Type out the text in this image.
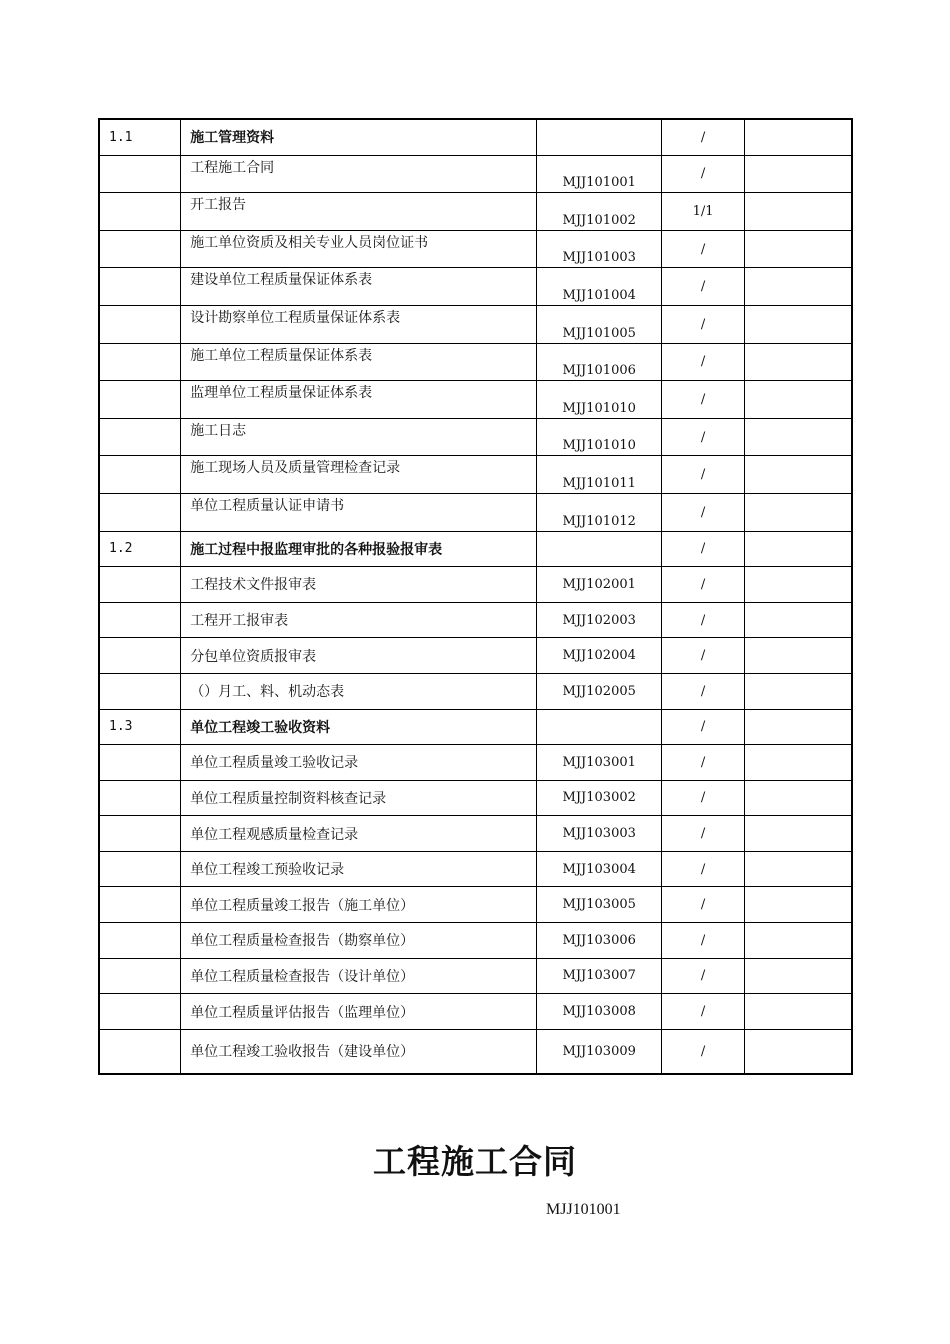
1.1	施工管理资料		/	
	工程施工合同	MJJ101001	/	
	开工报告	MJJ101002	1/1	
	施工单位资质及相关专业人员岗位证书	MJJ101003	/	
	建设单位工程质量保证体系表	MJJ101004	/	
	设计勘察单位工程质量保证体系表	MJJ101005	/	
	施工单位工程质量保证体系表	MJJ101006	/	
	监理单位工程质量保证体系表	MJJ101010	/	
	施工日志	MJJ101010	/	
	施工现场人员及质量管理检查记录	MJJ101011	/	
	单位工程质量认证申请书	MJJ101012	/	
1.2	施工过程中报监理审批的各种报验报审表		/	
	工程技术文件报审表	MJJ102001	/	
	工程开工报审表	MJJ102003	/	
	分包单位资质报审表	MJJ102004	/	
	（）月工、料、机动态表	MJJ102005	/	
1.3	单位工程竣工验收资料		/	
	单位工程质量竣工验收记录	MJJ103001	/	
	单位工程质量控制资料核查记录	MJJ103002	/	
	单位工程观感质量检查记录	MJJ103003	/	
	单位工程竣工预验收记录	MJJ103004	/	
	单位工程质量竣工报告（施工单位）	MJJ103005	/	
	单位工程质量检查报告（勘察单位）	MJJ103006	/	
	单位工程质量检查报告（设计单位）	MJJ103007	/	
	单位工程质量评估报告（监理单位）	MJJ103008	/	
	单位工程竣工验收报告（建设单位）	MJJ103009	/	
工程施工合同
MJJ101001
